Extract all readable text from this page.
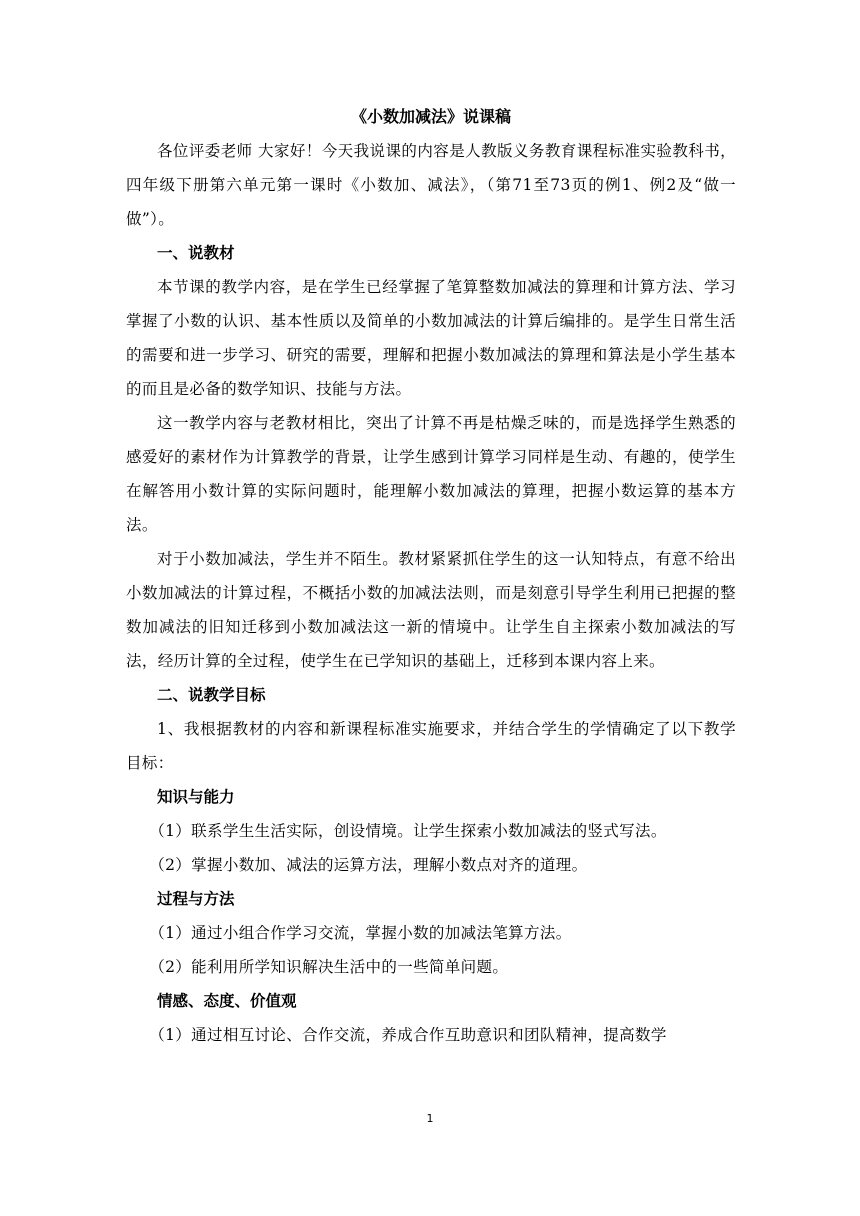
《小数加减法》说课稿

各位评委老师 大家好！今天我说课的内容是人教版义务教育课程标准实验教科书，四年级下册第六单元第一课时《小数加、减法》，（第71至73页的例1、例2及“做一做”）。

一、说教材

本节课的教学内容，是在学生已经掌握了笔算整数加减法的算理和计算方法、学习掌握了小数的认识、基本性质以及简单的小数加减法的计算后编排的。是学生日常生活的需要和进一步学习、研究的需要，理解和把握小数加减法的算理和算法是小学生基本的而且是必备的数学知识、技能与方法。

这一教学内容与老教材相比，突出了计算不再是枯燥乏味的，而是选择学生熟悉的感爱好的素材作为计算教学的背景，让学生感到计算学习同样是生动、有趣的，使学生在解答用小数计算的实际问题时，能理解小数加减法的算理，把握小数运算的基本方法。

对于小数加减法，学生并不陌生。教材紧紧抓住学生的这一认知特点，有意不给出小数加减法的计算过程，不概括小数的加减法法则，而是刻意引导学生利用已把握的整数加减法的旧知迁移到小数加减法这一新的情境中。让学生自主探索小数加减法的写法，经历计算的全过程，使学生在已学知识的基础上，迁移到本课内容上来。

二、说教学目标

1、我根据教材的内容和新课程标准实施要求，并结合学生的学情确定了以下教学目标：

知识与能力

（1）联系学生生活实际，创设情境。让学生探索小数加减法的竖式写法。

（2）掌握小数加、减法的运算方法，理解小数点对齐的道理。

过程与方法

（1）通过小组合作学习交流，掌握小数的加减法笔算方法。

（2）能利用所学知识解决生活中的一些简单问题。

情感、态度、价值观

（1）通过相互讨论、合作交流，养成合作互助意识和团队精神，提高数学

1
